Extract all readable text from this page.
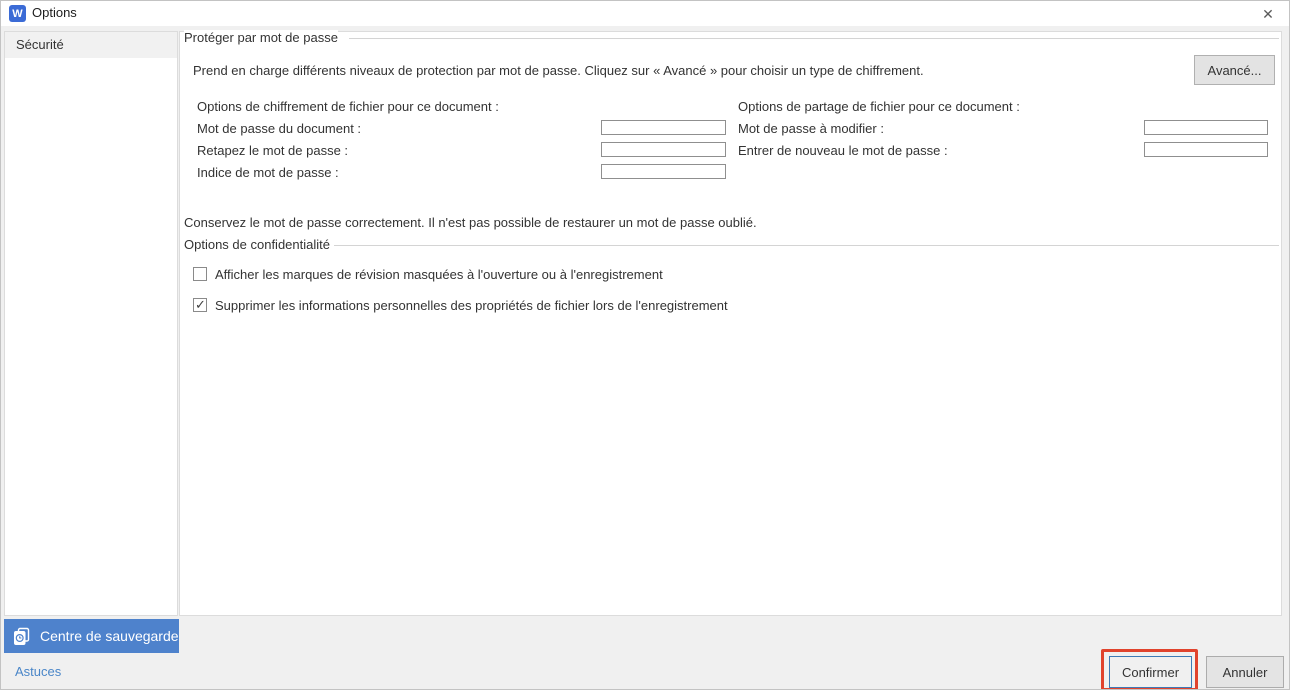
W Options	✕
Sécurité
Centre de sauvegarde
Astuces
Protéger par mot de passe
Prend en charge différents niveaux de protection par mot de passe. Cliquez sur « Avancé » pour choisir un type de chiffrement.	Avancé...
Options de chiffrement de fichier pour ce document :
Mot de passe du document :
Retapez le mot de passe :
Indice de mot de passe :
Options de partage de fichier pour ce document :
Mot de passe à modifier :
Entrer de nouveau le mot de passe :
Conservez le mot de passe correctement. Il n'est pas possible de restaurer un mot de passe oublié.
Options de confidentialité
Afficher les marques de révision masquées à l'ouverture ou à l'enregistrement
✓
Supprimer les informations personnelles des propriétés de fichier lors de l'enregistrement
Confirmer	Annuler
